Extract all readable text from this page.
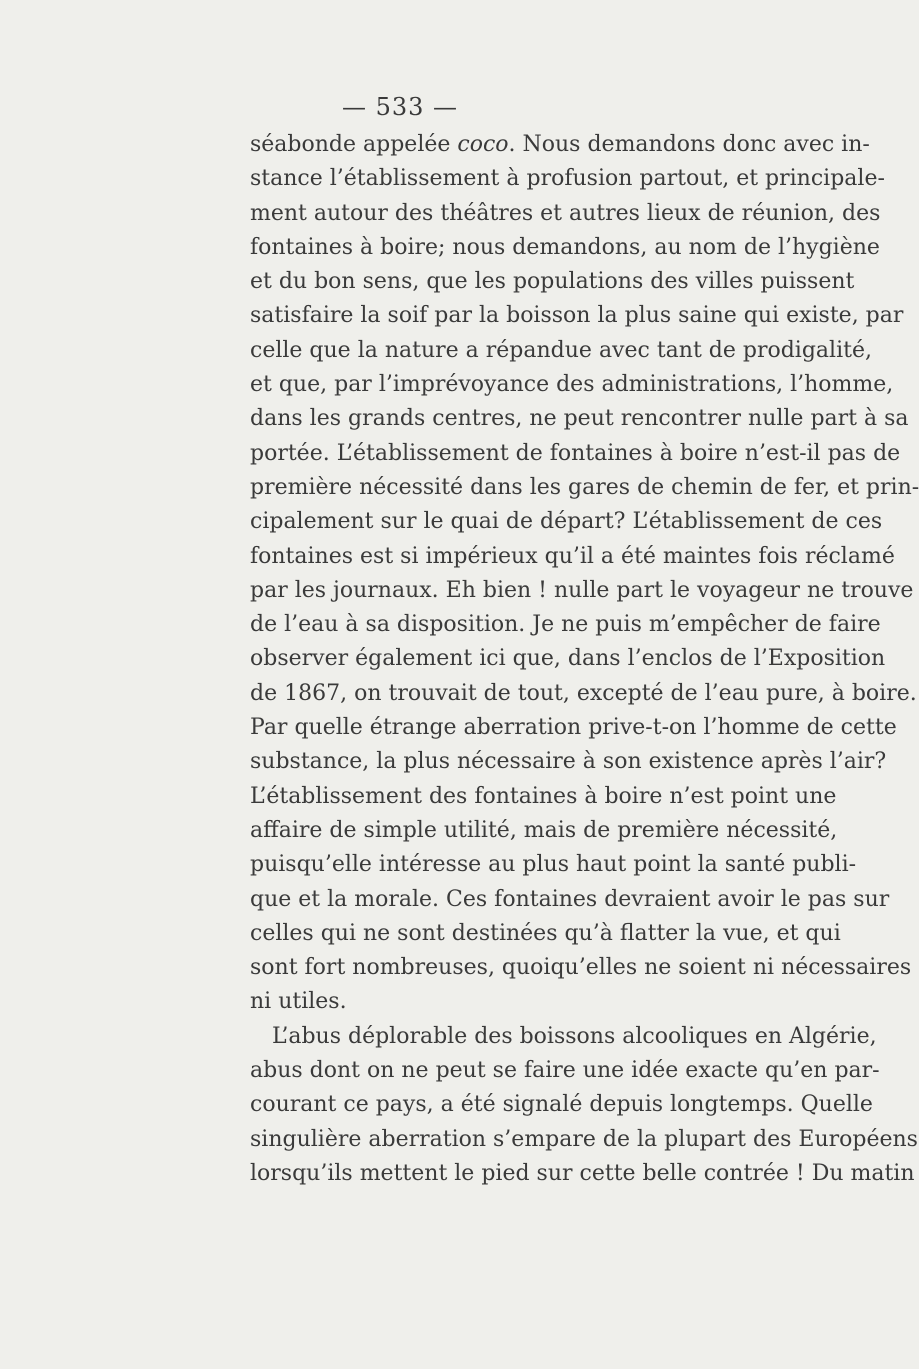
— 533 —
séabonde appelée coco. Nous demandons donc avec in-
stance l’établissement à profusion partout, et principale-
ment autour des théâtres et autres lieux de réunion, des
fontaines à boire; nous demandons, au nom de l’hygiène
et du bon sens, que les populations des villes puissent
satisfaire la soif par la boisson la plus saine qui existe, par
celle que la nature a répandue avec tant de prodigalité,
et que, par l’imprévoyance des administrations, l’homme,
dans les grands centres, ne peut rencontrer nulle part à sa
portée. L’établissement de fontaines à boire n’est-il pas de
première nécessité dans les gares de chemin de fer, et prin-
cipalement sur le quai de départ? L’établissement de ces
fontaines est si impérieux qu’il a été maintes fois réclamé
par les journaux. Eh bien ! nulle part le voyageur ne trouve
de l’eau à sa disposition. Je ne puis m’empêcher de faire
observer également ici que, dans l’enclos de l’Exposition
de 1867, on trouvait de tout, excepté de l’eau pure, à boire.
Par quelle étrange aberration prive-t-on l’homme de cette
substance, la plus nécessaire à son existence après l’air?
L’établissement des fontaines à boire n’est point une
affaire de simple utilité, mais de première nécessité,
puisqu’elle intéresse au plus haut point la santé publi-
que et la morale. Ces fontaines devraient avoir le pas sur
celles qui ne sont destinées qu’à flatter la vue, et qui
sont fort nombreuses, quoiqu’elles ne soient ni nécessaires
ni utiles.
L’abus déplorable des boissons alcooliques en Algérie,
abus dont on ne peut se faire une idée exacte qu’en par-
courant ce pays, a été signalé depuis longtemps. Quelle
singulière aberration s’empare de la plupart des Européens
lorsqu’ils mettent le pied sur cette belle contrée ! Du matin
